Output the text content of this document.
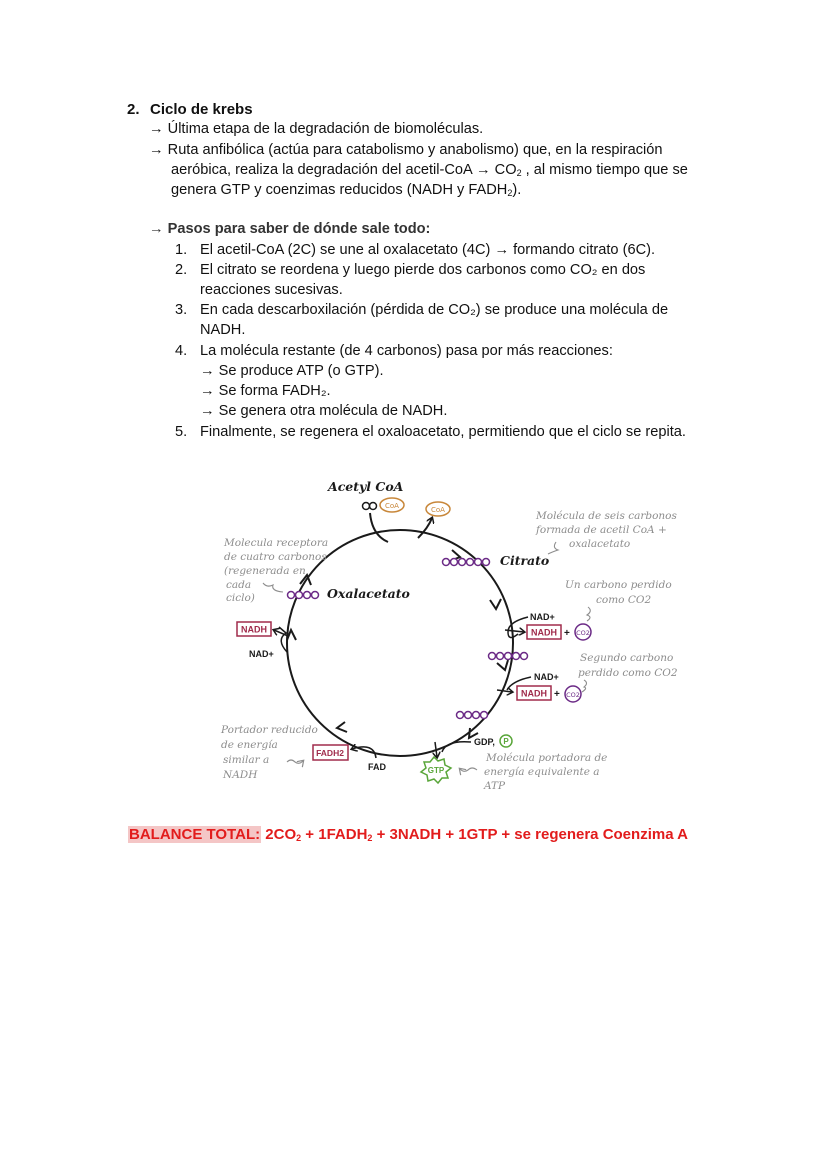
2. Ciclo de krebs
→ Última etapa de la degradación de biomoléculas.
→ Ruta anfibólica (actúa para catabolismo y anabolismo) que, en la respiración
aeróbica, realiza la degradación del acetil-CoA → $CO_2$ , al mismo tiempo que se
genera GTP y coenzimas reducidos (NADH y $FADH_2$).
→ Pasos para saber de dónde sale todo:
1. El acetil-CoA (2C) se une al oxalacetato (4C) → formando citrato (6C).
2. El citrato se reordena y luego pierde dos carbonos como CO₂ en dos
reacciones sucesivas.
3. En cada descarboxilación (pérdida de CO₂) se produce una molécula de
NADH.
4. La molécula restante (de 4 carbonos) pasa por más reacciones:
→ Se produce ATP (o GTP).
→ Se forma FADH₂.
→ Se genera otra molécula de NADH.
5. Finalmente, se regenera el oxaloacetato, permitiendo que el ciclo se repita.
Acetyl CoA
CoA	CoA
Citrato
Molécula de seis carbonos
formada de acetil CoA +
oxalacetato
NAD+
NADH + CO2
Un carbono perdido
como CO2
NAD+
NADH + CO2
Segundo carbono
perdido como CO2
GDP, P
GTP
Molécula portadora de
energía equivalente a
ATP
FAD
FADH2
Portador reducido
de energía
similar a
NADH
NAD+
NADH
Oxalacetato
Molecula receptora
de cuatro carbonos
(regenerada en
cada
ciclo)
BALANCE TOTAL: $2CO_2$ + $1FADH_2$ + 3NADH + 1GTP + se regenera Coenzima A
